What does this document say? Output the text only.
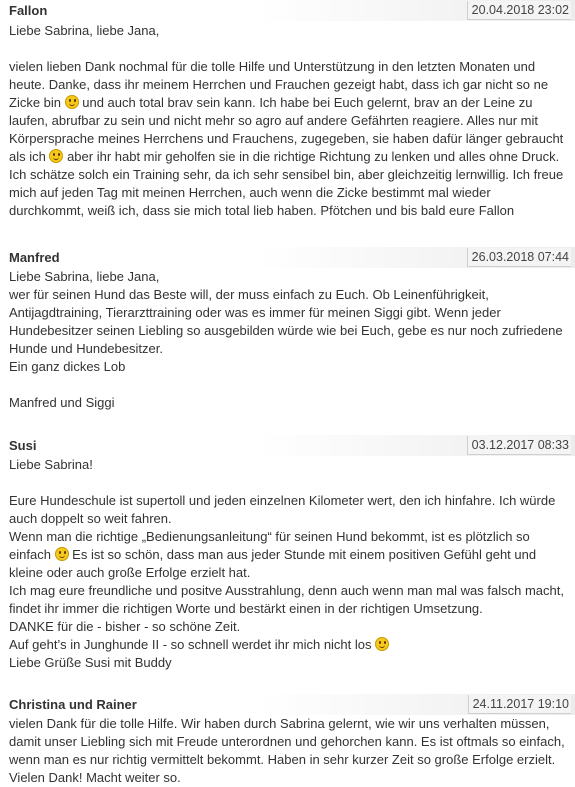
Fallon	20.04.2018 23:02

Liebe Sabrina, liebe Jana,

vielen lieben Dank nochmal für die tolle Hilfe und Unterstützung in den letzten Monaten und heute. Danke, dass ihr meinem Herrchen und Frauchen gezeigt habt, dass ich gar nicht so ne Zicke bin
und auch total brav sein kann. Ich habe bei Euch gelernt, brav an der Leine zu laufen, abrufbar zu sein und nicht mehr so agro auf andere Gefährten reagiere. Alles nur mit Körpersprache meines Herrchens und Frauchens, zugegeben, sie haben dafür länger gebraucht als ich
aber ihr habt mir geholfen sie in die richtige Richtung zu lenken und alles ohne Druck. Ich schätze solch ein Training sehr, da ich sehr sensibel bin, aber gleichzeitig lernwillig. Ich freue mich auf jeden Tag mit meinen Herrchen, auch wenn die Zicke bestimmt mal wieder durchkommt, weiß ich, dass sie mich total lieb haben. Pfötchen und bis bald eure Fallon

Manfred	26.03.2018 07:44

Liebe Sabrina, liebe Jana,

wer für seinen Hund das Beste will, der muss einfach zu Euch. Ob Leinenführigkeit, Antijagdtraining, Tierarzttraining oder was es immer für meinen Siggi gibt. Wenn jeder Hundebesitzer seinen Liebling so ausgebilden würde wie bei Euch, gebe es nur noch zufriedene Hunde und Hundebesitzer.

Ein ganz dickes Lob

Manfred und Siggi

Susi	03.12.2017 08:33

Liebe Sabrina!

Eure Hundeschule ist supertoll und jeden einzelnen Kilometer wert, den ich hinfahre. Ich würde auch doppelt so weit fahren.

Wenn man die richtige „Bedienungsanleitung“ für seinen Hund bekommt, ist es plötzlich so einfach
Es ist so schön, dass man aus jeder Stunde mit einem positiven Gefühl geht und kleine oder auch große Erfolge erzielt hat.

Ich mag eure freundliche und positve Ausstrahlung, denn auch wenn man mal was falsch macht, findet ihr immer die richtigen Worte und bestärkt einen in der richtigen Umsetzung.

DANKE für die - bisher - so schöne Zeit.

Auf geht’s in Junghunde II - so schnell werdet ihr mich nicht los

Liebe Grüße Susi mit Buddy

Christina und Rainer	24.11.2017 19:10

vielen Dank für die tolle Hilfe. Wir haben durch Sabrina gelernt, wie wir uns verhalten müssen, damit unser Liebling sich mit Freude unterordnen und gehorchen kann. Es ist oftmals so einfach, wenn man es nur richtig vermittelt bekommt. Haben in sehr kurzer Zeit so große Erfolge erzielt.

Vielen Dank! Macht weiter so.
